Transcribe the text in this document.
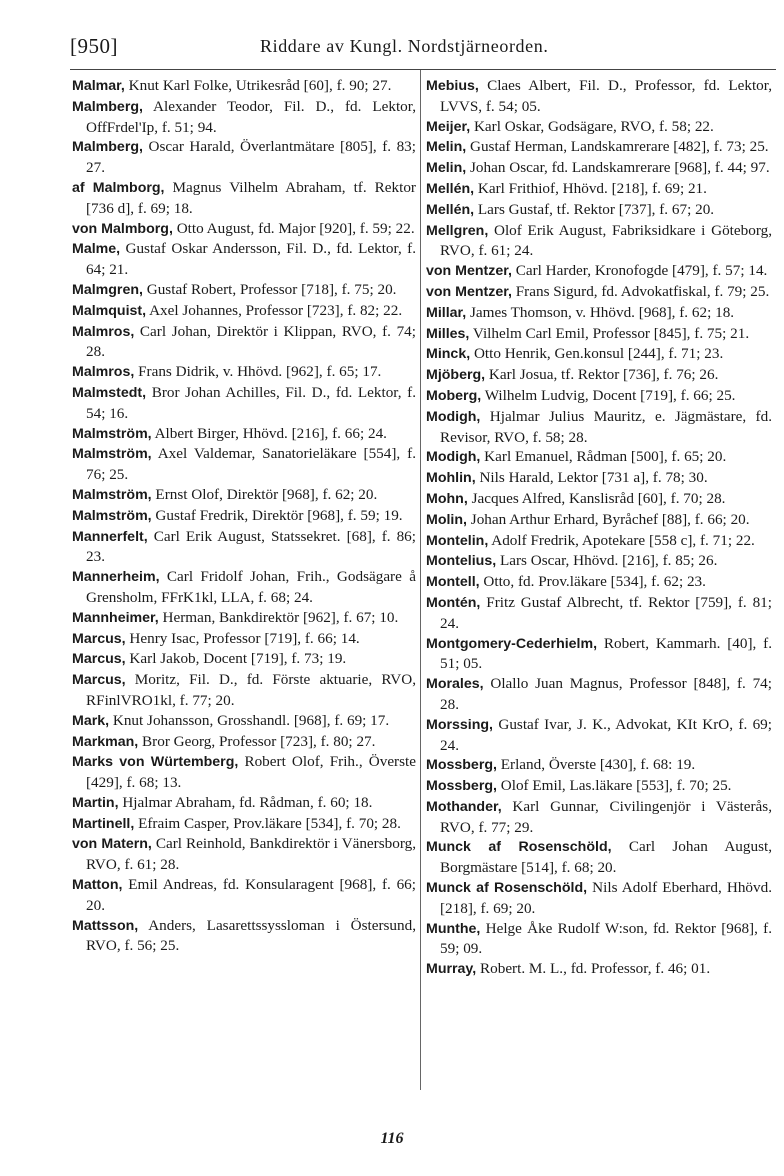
[950]	Riddare av Kungl. Nordstjärneorden.

Malmar, Knut Karl Folke, Utrikesråd [60], f. 90; 27.

Malmberg, Alexander Teodor, Fil. D., fd. Lektor, OffFrdel'Ip, f. 51; 94.

Malmberg, Oscar Harald, Överlantmätare [805], f. 83; 27.

af Malmborg, Magnus Vilhelm Abraham, tf. Rektor [736 d], f. 69; 18.

von Malmborg, Otto August, fd. Major [920], f. 59; 22.

Malme, Gustaf Oskar Andersson, Fil. D., fd. Lektor, f. 64; 21.

Malmgren, Gustaf Robert, Professor [718], f. 75; 20.

Malmquist, Axel Johannes, Professor [723], f. 82; 22.

Malmros, Carl Johan, Direktör i Klippan, RVO, f. 74; 28.

Malmros, Frans Didrik, v. Hhövd. [962], f. 65; 17.

Malmstedt, Bror Johan Achilles, Fil. D., fd. Lektor, f. 54; 16.

Malmström, Albert Birger, Hhövd. [216], f. 66; 24.

Malmström, Axel Valdemar, Sanatorieläkare [554], f. 76; 25.

Malmström, Ernst Olof, Direktör [968], f. 62; 20.

Malmström, Gustaf Fredrik, Direktör [968], f. 59; 19.

Mannerfelt, Carl Erik August, Statssekret. [68], f. 86; 23.

Mannerheim, Carl Fridolf Johan, Frih., Godsägare å Grensholm, FFrK1kl, LLA, f. 68; 24.

Mannheimer, Herman, Bankdirektör [962], f. 67; 10.

Marcus, Henry Isac, Professor [719], f. 66; 14.

Marcus, Karl Jakob, Docent [719], f. 73; 19.

Marcus, Moritz, Fil. D., fd. Förste aktuarie, RVO, RFinlVRO1kl, f. 77; 20.

Mark, Knut Johansson, Grosshandl. [968], f. 69; 17.

Markman, Bror Georg, Professor [723], f. 80; 27.

Marks von Würtemberg, Robert Olof, Frih., Överste [429], f. 68; 13.

Martin, Hjalmar Abraham, fd. Rådman, f. 60; 18.

Martinell, Efraim Casper, Prov.läkare [534], f. 70; 28.

von Matern, Carl Reinhold, Bankdirektör i Vänersborg, RVO, f. 61; 28.

Matton, Emil Andreas, fd. Konsularagent [968], f. 66; 20.

Mattsson, Anders, Lasarettssyssloman i Östersund, RVO, f. 56; 25.

Mebius, Claes Albert, Fil. D., Professor, fd. Lektor, LVVS, f. 54; 05.

Meijer, Karl Oskar, Godsägare, RVO, f. 58; 22.

Melin, Gustaf Herman, Landskamrerare [482], f. 73; 25.

Melin, Johan Oscar, fd. Landskamrerare [968], f. 44; 97.

Mellén, Karl Frithiof, Hhövd. [218], f. 69; 21.

Mellén, Lars Gustaf, tf. Rektor [737], f. 67; 20.

Mellgren, Olof Erik August, Fabriksidkare i Göteborg, RVO, f. 61; 24.

von Mentzer, Carl Harder, Kronofogde [479], f. 57; 14.

von Mentzer, Frans Sigurd, fd. Advokatfiskal, f. 79; 25.

Millar, James Thomson, v. Hhövd. [968], f. 62; 18.

Milles, Vilhelm Carl Emil, Professor [845], f. 75; 21.

Minck, Otto Henrik, Gen.konsul [244], f. 71; 23.

Mjöberg, Karl Josua, tf. Rektor [736], f. 76; 26.

Moberg, Wilhelm Ludvig, Docent [719], f. 66; 25.

Modigh, Hjalmar Julius Mauritz, e. Jägmästare, fd. Revisor, RVO, f. 58; 28.

Modigh, Karl Emanuel, Rådman [500], f. 65; 20.

Mohlin, Nils Harald, Lektor [731 a], f. 78; 30.

Mohn, Jacques Alfred, Kanslisråd [60], f. 70; 28.

Molin, Johan Arthur Erhard, Byråchef [88], f. 66; 20.

Montelin, Adolf Fredrik, Apotekare [558 c], f. 71; 22.

Montelius, Lars Oscar, Hhövd. [216], f. 85; 26.

Montell, Otto, fd. Prov.läkare [534], f. 62; 23.

Montén, Fritz Gustaf Albrecht, tf. Rektor [759], f. 81; 24.

Montgomery-Cederhielm, Robert, Kammarh. [40], f. 51; 05.

Morales, Olallo Juan Magnus, Professor [848], f. 74; 28.

Morssing, Gustaf Ivar, J. K., Advokat, KIt KrO, f. 69; 24.

Mossberg, Erland, Överste [430], f. 68: 19.

Mossberg, Olof Emil, Las.läkare [553], f. 70; 25.

Mothander, Karl Gunnar, Civilingenjör i Västerås, RVO, f. 77; 29.

Munck af Rosenschöld, Carl Johan August, Borgmästare [514], f. 68; 20.

Munck af Rosenschöld, Nils Adolf Eberhard, Hhövd. [218], f. 69; 20.

Munthe, Helge Åke Rudolf W:son, fd. Rektor [968], f. 59; 09.

Murray, Robert. M. L., fd. Professor, f. 46; 01.

116
